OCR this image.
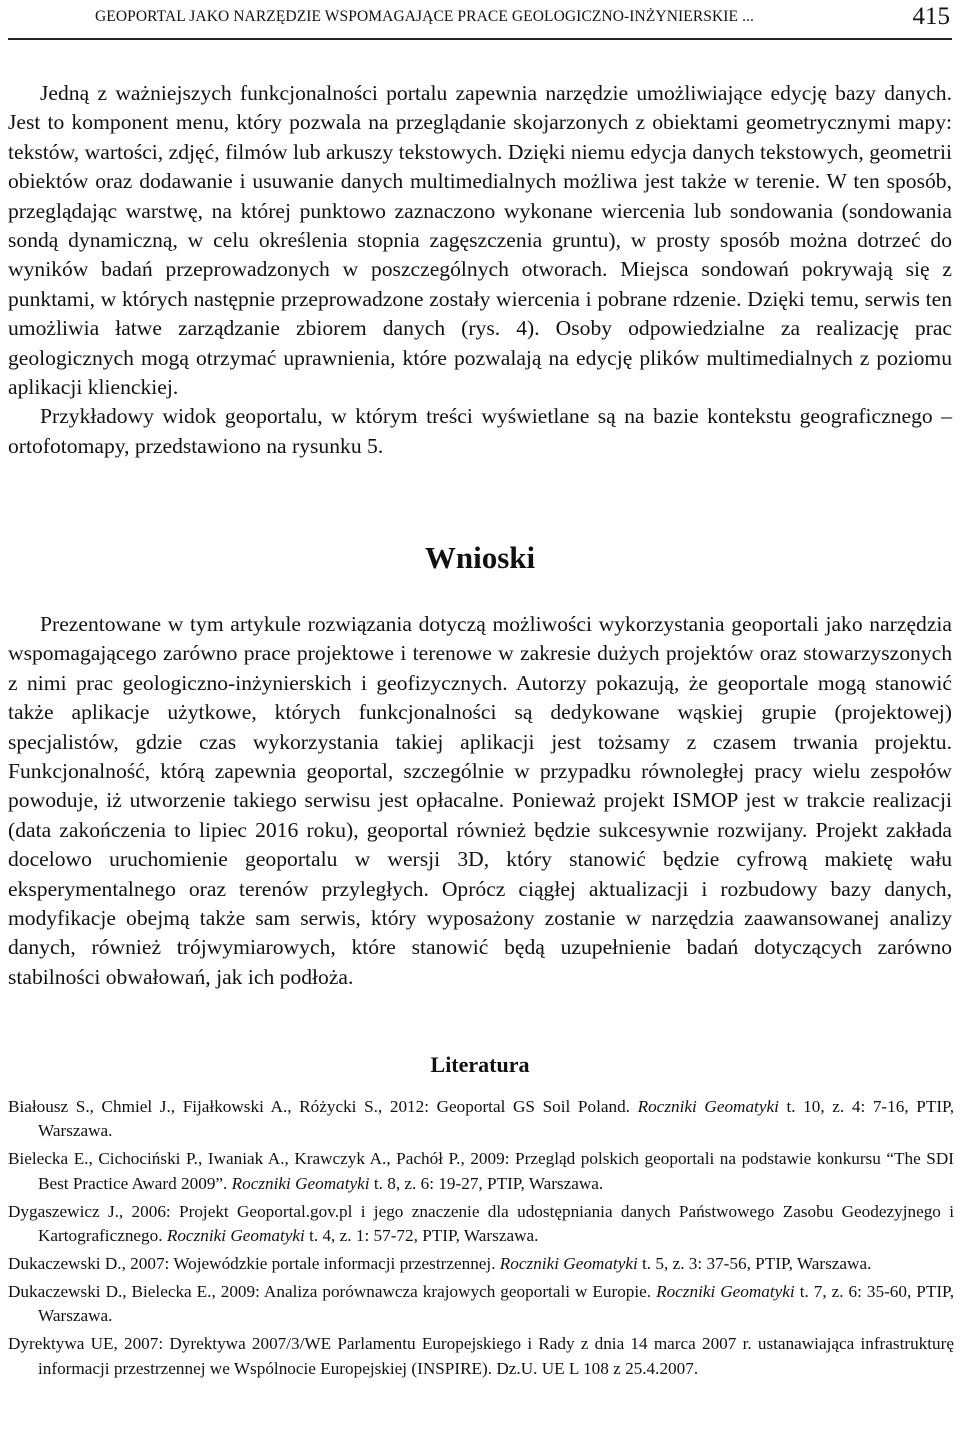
GEOPORTAL JAKO NARZĘDZIE WSPOMAGAJĄCE PRACE GEOLOGICZNO-INŻYNIERSKIE ...	415

Jedną z ważniejszych funkcjonalności portalu zapewnia narzędzie umożliwiające edycję bazy danych. Jest to komponent menu, który pozwala na przeglądanie skojarzonych z obiektami geometrycznymi mapy: tekstów, wartości, zdjęć, filmów lub arkuszy tekstowych. Dzięki niemu edycja danych tekstowych, geometrii obiektów oraz dodawanie i usuwanie danych multimedialnych możliwa jest także w terenie. W ten sposób, przeglądając warstwę, na której punktowo zaznaczono wykonane wiercenia lub sondowania (sondowania sondą dynamiczną, w celu określenia stopnia zagęszczenia gruntu), w prosty sposób można dotrzeć do wyników badań przeprowadzonych w poszczególnych otworach. Miejsca sondowań pokrywają się z punktami, w których następnie przeprowadzone zostały wiercenia i pobrane rdzenie. Dzięki temu, serwis ten umożliwia łatwe zarządzanie zbiorem danych (rys. 4). Osoby odpowiedzialne za realizację prac geologicznych mogą otrzymać uprawnienia, które pozwalają na edycję plików multimedialnych z poziomu aplikacji klienckiej.

Przykładowy widok geoportalu, w którym treści wyświetlane są na bazie kontekstu geograficznego – ortofotomapy, przedstawiono na rysunku 5.

Wnioski

Prezentowane w tym artykule rozwiązania dotyczą możliwości wykorzystania geoportali jako narzędzia wspomagającego zarówno prace projektowe i terenowe w zakresie dużych projektów oraz stowarzyszonych z nimi prac geologiczno-inżynierskich i geofizycznych. Autorzy pokazują, że geoportale mogą stanowić także aplikacje użytkowe, których funkcjonalności są dedykowane wąskiej grupie (projektowej) specjalistów, gdzie czas wykorzystania takiej aplikacji jest tożsamy z czasem trwania projektu. Funkcjonalność, którą zapewnia geoportal, szczególnie w przypadku równoległej pracy wielu zespołów powoduje, iż utworzenie takiego serwisu jest opłacalne. Ponieważ projekt ISMOP jest w trakcie realizacji (data zakończenia to lipiec 2016 roku), geoportal również będzie sukcesywnie rozwijany. Projekt zakłada docelowo uruchomienie geoportalu w wersji 3D, który stanowić będzie cyfrową makietę wału eksperymentalnego oraz terenów przyległych. Oprócz ciągłej aktualizacji i rozbudowy bazy danych, modyfikacje obejmą także sam serwis, który wyposażony zostanie w narzędzia zaawansowanej analizy danych, również trójwymiarowych, które stanowić będą uzupełnienie badań dotyczących zarówno stabilności obwałowań, jak ich podłoża.

Literatura

Białousz S., Chmiel J., Fijałkowski A., Różycki S., 2012: Geoportal GS Soil Poland. Roczniki Geomatyki t. 10, z. 4: 7-16, PTIP, Warszawa.

Bielecka E., Cichociński P., Iwaniak A., Krawczyk A., Pachół P., 2009: Przegląd polskich geoportali na podstawie konkursu “The SDI Best Practice Award 2009”. Roczniki Geomatyki t. 8, z. 6: 19-27, PTIP, Warszawa.

Dygaszewicz J., 2006: Projekt Geoportal.gov.pl i jego znaczenie dla udostępniania danych Państwowego Zasobu Geodezyjnego i Kartograficznego. Roczniki Geomatyki t. 4, z. 1: 57-72, PTIP, Warszawa.

Dukaczewski D., 2007: Wojewódzkie portale informacji przestrzennej. Roczniki Geomatyki t. 5, z. 3: 37-56, PTIP, Warszawa.

Dukaczewski D., Bielecka E., 2009: Analiza porównawcza krajowych geoportali w Europie. Roczniki Geomatyki t. 7, z. 6: 35-60, PTIP, Warszawa.

Dyrektywa UE, 2007: Dyrektywa 2007/3/WE Parlamentu Europejskiego i Rady z dnia 14 marca 2007 r. ustanawiająca infrastrukturę informacji przestrzennej we Wspólnocie Europejskiej (INSPIRE). Dz.U. UE L 108 z 25.4.2007.
